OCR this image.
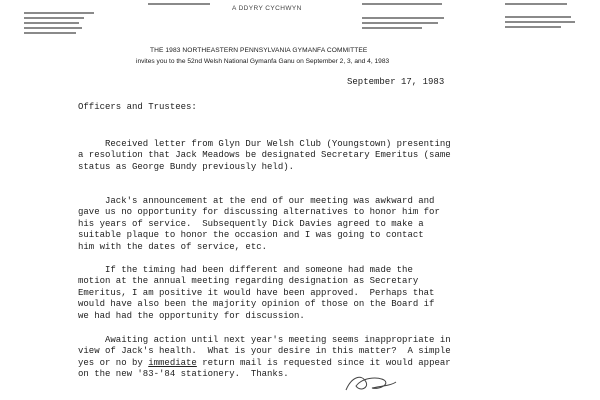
A DDYRY CYCHWYN
THE 1983 NORTHEASTERN PENNSYLVANIA GYMANFA COMMITTEE
invites you to the 52nd Welsh National Gymanfa Ganu on September 2, 3, and 4, 1983
September 17, 1983
Officers and Trustees:

Received letter from Glyn Dur Welsh Club (Youngstown) presenting
a resolution that Jack Meadows be designated Secretary Emeritus (same
status as George Bundy previously held).

Jack's announcement at the end of our meeting was awkward and
gave us no opportunity for discussing alternatives to honor him for
his years of service.  Subsequently Dick Davies agreed to make a
suitable plaque to honor the occasion and I was going to contact
him with the dates of service, etc.

If the timing had been different and someone had made the
motion at the annual meeting regarding designation as Secretary
Emeritus, I am positive it would have been approved.  Perhaps that
would have also been the majority opinion of those on the Board if
we had had the opportunity for discussion.

Awaiting action until next year's meeting seems inappropriate in
view of Jack's health.  What is your desire in this matter?  A simple
yes or no by immediate return mail is requested since it would appear
on the new '83-'84 stationery.  Thanks.
